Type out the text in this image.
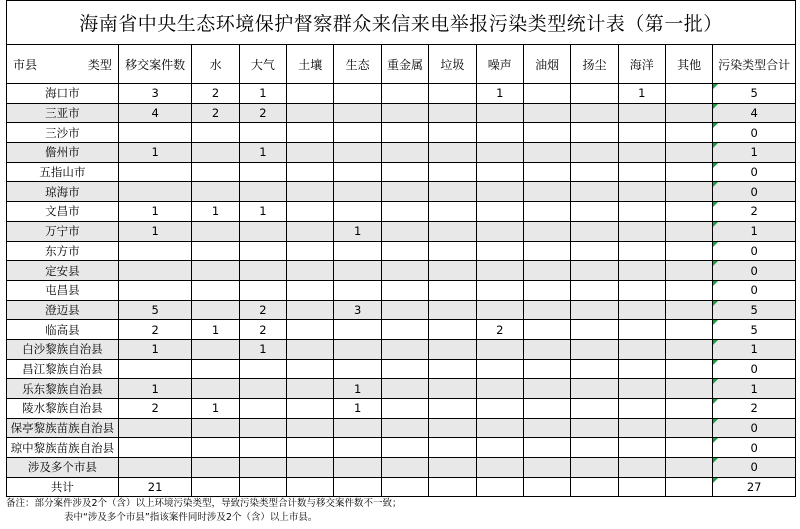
海南省中央生态环境保护督察群众来信来电举报污染类型统计表（第一批）
市县 类型	移交案件数	水	大气	土壤	生态	重金属	垃圾	噪声	油烟	扬尘	海洋	其他	污染类型合计
海口市	3	2	1					1			1		5
三亚市	4	2	2										4
三沙市													0
儋州市	1		1										1
五指山市													0
琼海市													0
文昌市	1	1	1										2
万宁市	1				1								1
东方市													0
定安县													0
屯昌县													0
澄迈县	5		2		3								5
临高县	2	1	2					2					5
白沙黎族自治县	1		1										1
昌江黎族自治县													0
乐东黎族自治县	1				1								1
陵水黎族自治县	2	1			1								2
保亭黎族苗族自治县													0
琼中黎族苗族自治县													0
涉及多个市县													0
共计	21												27
备注：部分案件涉及2个（含）以上环境污染类型，导致污染类型合计数与移交案件数不一致；
表中“涉及多个市县”指该案件同时涉及2个（含）以上市县。
